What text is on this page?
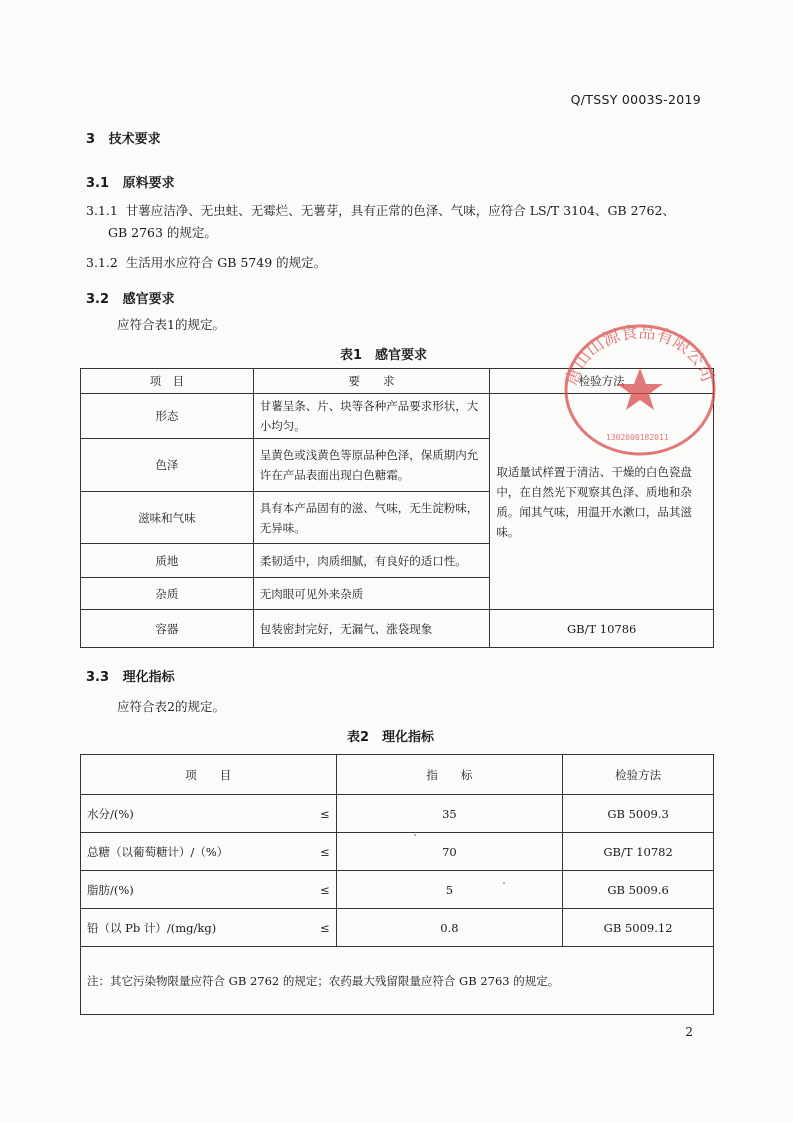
Q/TSSY 0003S-2019
3 技术要求
3.1 原料要求
3.1.1 甘薯应洁净、无虫蛀、无霉烂、无薯芽，具有正常的色泽、气味，应符合 LS/T 3104、GB 2762、
GB 2763 的规定。
3.1.2 生活用水应符合 GB 5749 的规定。
3.2 感官要求
应符合表1的规定。
表1　感官要求
项　目	要　　求	检验方法
形态	甘薯呈条、片、块等各种产品要求形状，大小均匀。	取适量试样置于清洁、干燥的白色瓷盘中，在自然光下观察其色泽、质地和杂质。闻其气味，用温开水漱口，品其滋味。
色泽	呈黄色或浅黄色等原品种色泽，保质期内允许在产品表面出现白色糖霜。	
滋味和气味	具有本产品固有的滋、气味，无生淀粉味，无异味。	
质地	柔韧适中，肉质细腻，有良好的适口性。	
杂质	无肉眼可见外来杂质	
容器	包装密封完好，无漏气、涨袋现象	GB/T 10786
唐山山源食品有限公司
1302000182011
3.3 理化指标
应符合表2的规定。
表2　理化指标
项　　目	指　　标	检验方法
水分/(%) ≤	35	GB 5009.3
总糖（以葡萄糖计）/（%） ≤	70	GB/T 10782
脂肪/(%) ≤	5	GB 5009.6
铅（以 Pb 计）/(mg/kg) ≤	0.8	GB 5009.12
注：其它污染物限量应符合 GB 2762 的规定；农药最大残留限量应符合 GB 2763 的规定。		
2
